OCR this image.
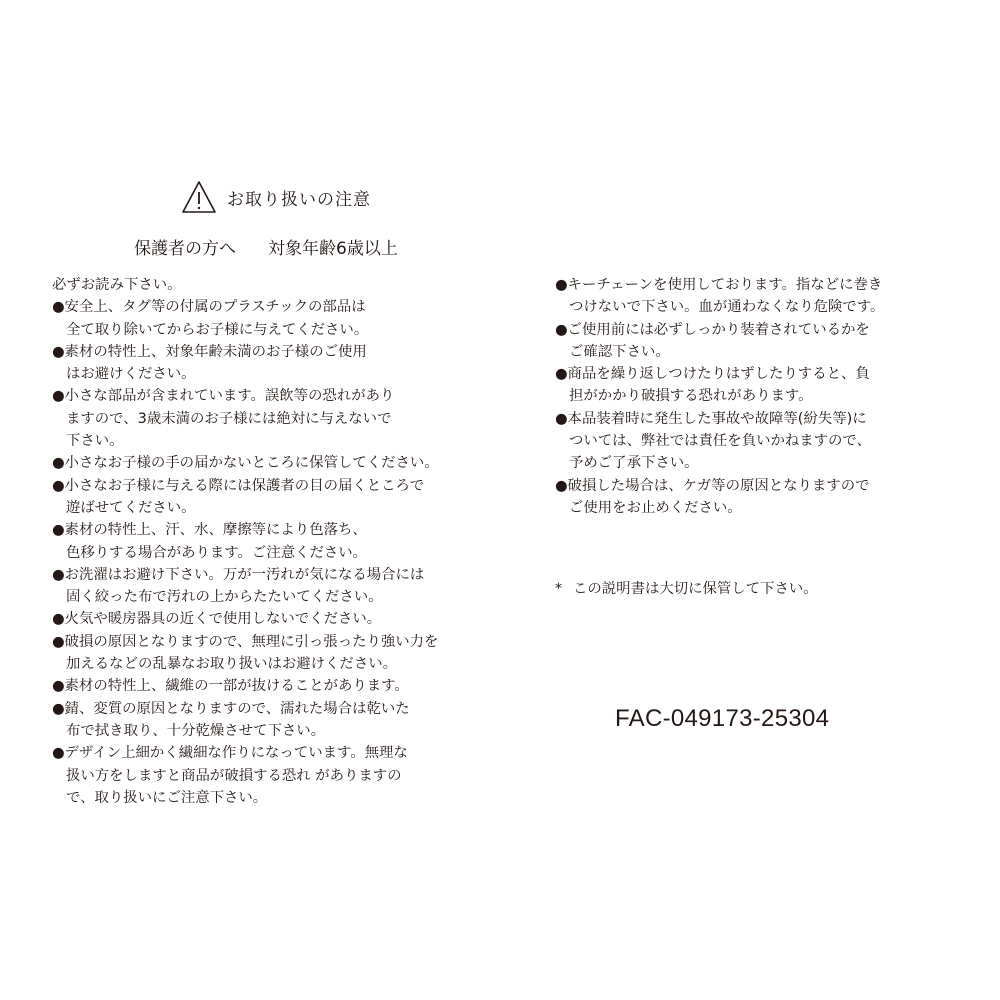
お取り扱いの注意
保護者の方へ 対象年齢6歳以上
必ずお読み下さい。
●安全上、タグ等の付属のプラスチックの部品は
全て取り除いてからお子様に与えてください。
●素材の特性上、対象年齢未満のお子様のご使用
はお避けください。
●小さな部品が含まれています。誤飲等の恐れがあり
ますので、3歳未満のお子様には絶対に与えないで
下さい。
●小さなお子様の手の届かないところに保管してください。
●小さなお子様に与える際には保護者の目の届くところで
遊ばせてください。
●素材の特性上、汗、水、摩擦等により色落ち、
色移りする場合があります。ご注意ください。
●お洗濯はお避け下さい。万が一汚れが気になる場合には
固く絞った布で汚れの上からたたいてください。
●火気や暖房器具の近くで使用しないでください。
●破損の原因となりますので、無理に引っ張ったり強い力を
加えるなどの乱暴なお取り扱いはお避けください。
●素材の特性上、繊維の一部が抜けることがあります。
●錆、変質の原因となりますので、濡れた場合は乾いた
布で拭き取り、十分乾燥させて下さい。
●デザイン上細かく繊細な作りになっています。無理な
扱い方をしますと商品が破損する恐れ がありますの
で、取り扱いにご注意下さい。
●キーチェーンを使用しております。指などに巻き
つけないで下さい。血が通わなくなり危険です。
●ご使用前には必ずしっかり装着されているかを
ご確認下さい。
●商品を繰り返しつけたりはずしたりすると、負
担がかかり破損する恐れがあります。
●本品装着時に発生した事故や故障等(紛失等)に
ついては、弊社では責任を負いかねますので、
予めご了承下さい。
●破損した場合は、ケガ等の原因となりますので
ご使用をお止めください。
* この説明書は大切に保管して下さい。
FAC-049173-25304
